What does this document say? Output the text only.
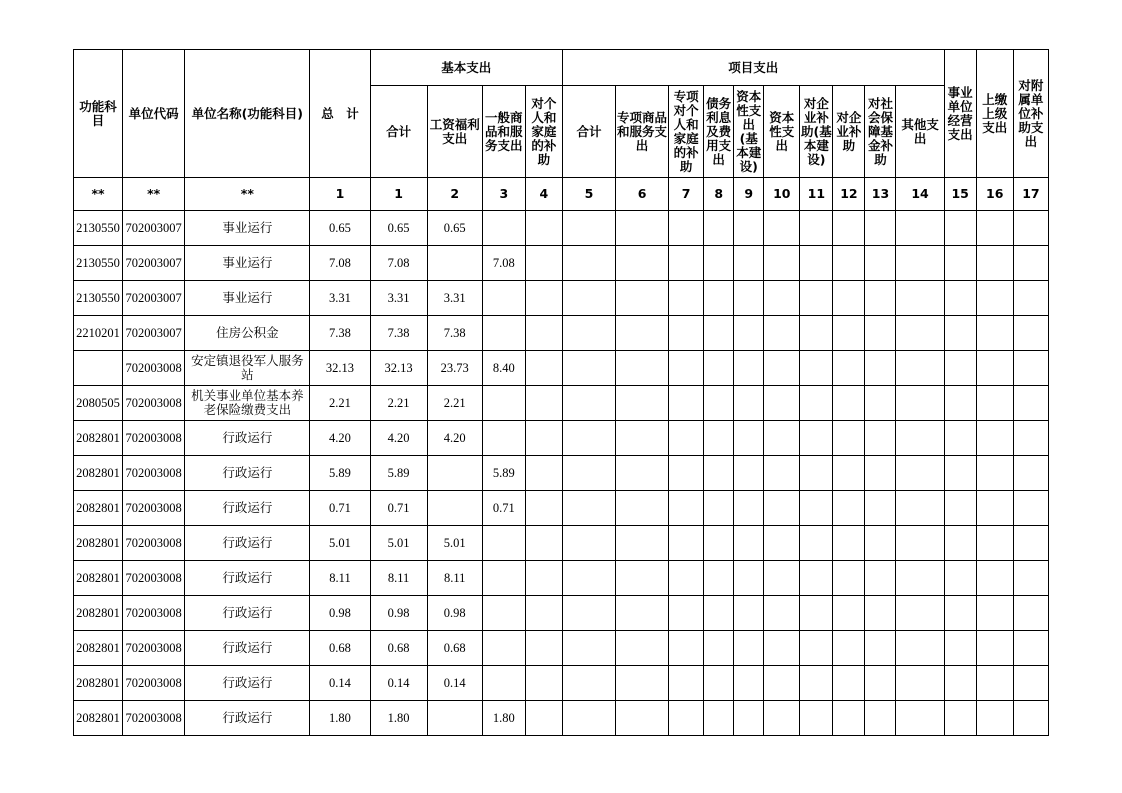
功能科目	单位代码	单位名称(功能科目)	总　计	基本支出				项目支出										事业单位经营支出	上缴上级支出	对附属单位补助支出
				合计	工资福利支出	一般商品和服务支出	对个人和家庭的补助	合计	专项商品和服务支出	专项对个人和家庭的补助	债务利息及费用支出	资本性支出(基本建设)	资本性支出	对企业补助(基本建设)	对企业补助	对社会保障基金补助	其他支出			
**	**	**	1	1	2	3	4	5	6	7	8	9	10	11	12	13	14	15	16	17
2130550	702003007	事业运行	0.65	0.65	0.65															
2130550	702003007	事业运行	7.08	7.08		7.08														
2130550	702003007	事业运行	3.31	3.31	3.31															
2210201	702003007	住房公积金	7.38	7.38	7.38															
	702003008	安定镇退役军人服务站	32.13	32.13	23.73	8.40														
2080505	702003008	机关事业单位基本养老保险缴费支出	2.21	2.21	2.21															
2082801	702003008	行政运行	4.20	4.20	4.20															
2082801	702003008	行政运行	5.89	5.89		5.89														
2082801	702003008	行政运行	0.71	0.71		0.71														
2082801	702003008	行政运行	5.01	5.01	5.01															
2082801	702003008	行政运行	8.11	8.11	8.11															
2082801	702003008	行政运行	0.98	0.98	0.98															
2082801	702003008	行政运行	0.68	0.68	0.68															
2082801	702003008	行政运行	0.14	0.14	0.14															
2082801	702003008	行政运行	1.80	1.80		1.80														
